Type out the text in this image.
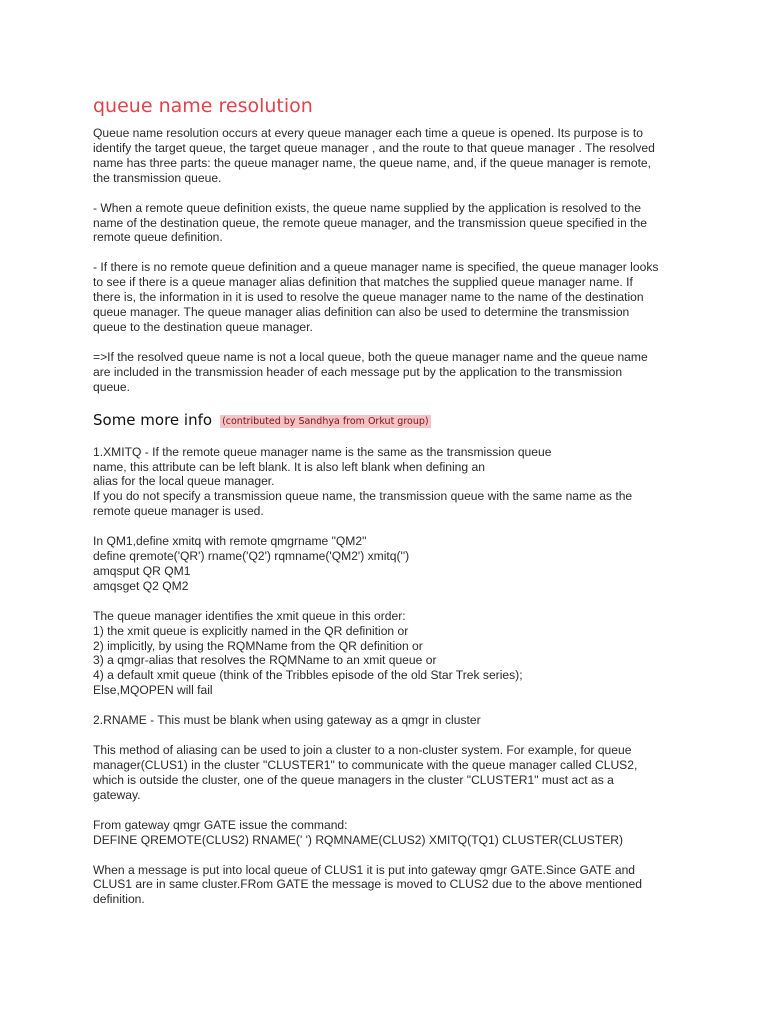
queue name resolution

Queue name resolution occurs at every queue manager each time a queue is opened. Its purpose is to
identify the target queue, the target queue manager , and the route to that queue manager . The resolved
name has three parts: the queue manager name, the queue name, and, if the queue manager is remote,
the transmission queue.

- When a remote queue definition exists, the queue name supplied by the application is resolved to the
name of the destination queue, the remote queue manager, and the transmission queue specified in the
remote queue definition.

- If there is no remote queue definition and a queue manager name is specified, the queue manager looks
to see if there is a queue manager alias definition that matches the supplied queue manager name. If
there is, the information in it is used to resolve the queue manager name to the name of the destination
queue manager. The queue manager alias definition can also be used to determine the transmission
queue to the destination queue manager.

=>If the resolved queue name is not a local queue, both the queue manager name and the queue name
are included in the transmission header of each message put by the application to the transmission
queue.

Some more info (contributed by Sandhya from Orkut group)

1.XMITQ - If the remote queue manager name is the same as the transmission queue
name, this attribute can be left blank. It is also left blank when defining an
alias for the local queue manager.
If you do not specify a transmission queue name, the transmission queue with the same name as the
remote queue manager is used.

In QM1,define xmitq with remote qmgrname "QM2"
define qremote('QR') rname('Q2') rqmname('QM2') xmitq('')
amqsput QR QM1
amqsget Q2 QM2

The queue manager identifies the xmit queue in this order:
1) the xmit queue is explicitly named in the QR definition or
2) implicitly, by using the RQMName from the QR definition or
3) a qmgr-alias that resolves the RQMName to an xmit queue or
4) a default xmit queue (think of the Tribbles episode of the old Star Trek series);
Else,MQOPEN will fail

2.RNAME - This must be blank when using gateway as a qmgr in cluster

This method of aliasing can be used to join a cluster to a non-cluster system. For example, for queue
manager(CLUS1) in the cluster "CLUSTER1" to communicate with the queue manager called CLUS2,
which is outside the cluster, one of the queue managers in the cluster "CLUSTER1" must act as a
gateway.

From gateway qmgr GATE issue the command:
DEFINE QREMOTE(CLUS2) RNAME(' ') RQMNAME(CLUS2) XMITQ(TQ1) CLUSTER(CLUSTER)

When a message is put into local queue of CLUS1 it is put into gateway qmgr GATE.Since GATE and
CLUS1 are in same cluster.FRom GATE the message is moved to CLUS2 due to the above mentioned
definition.
